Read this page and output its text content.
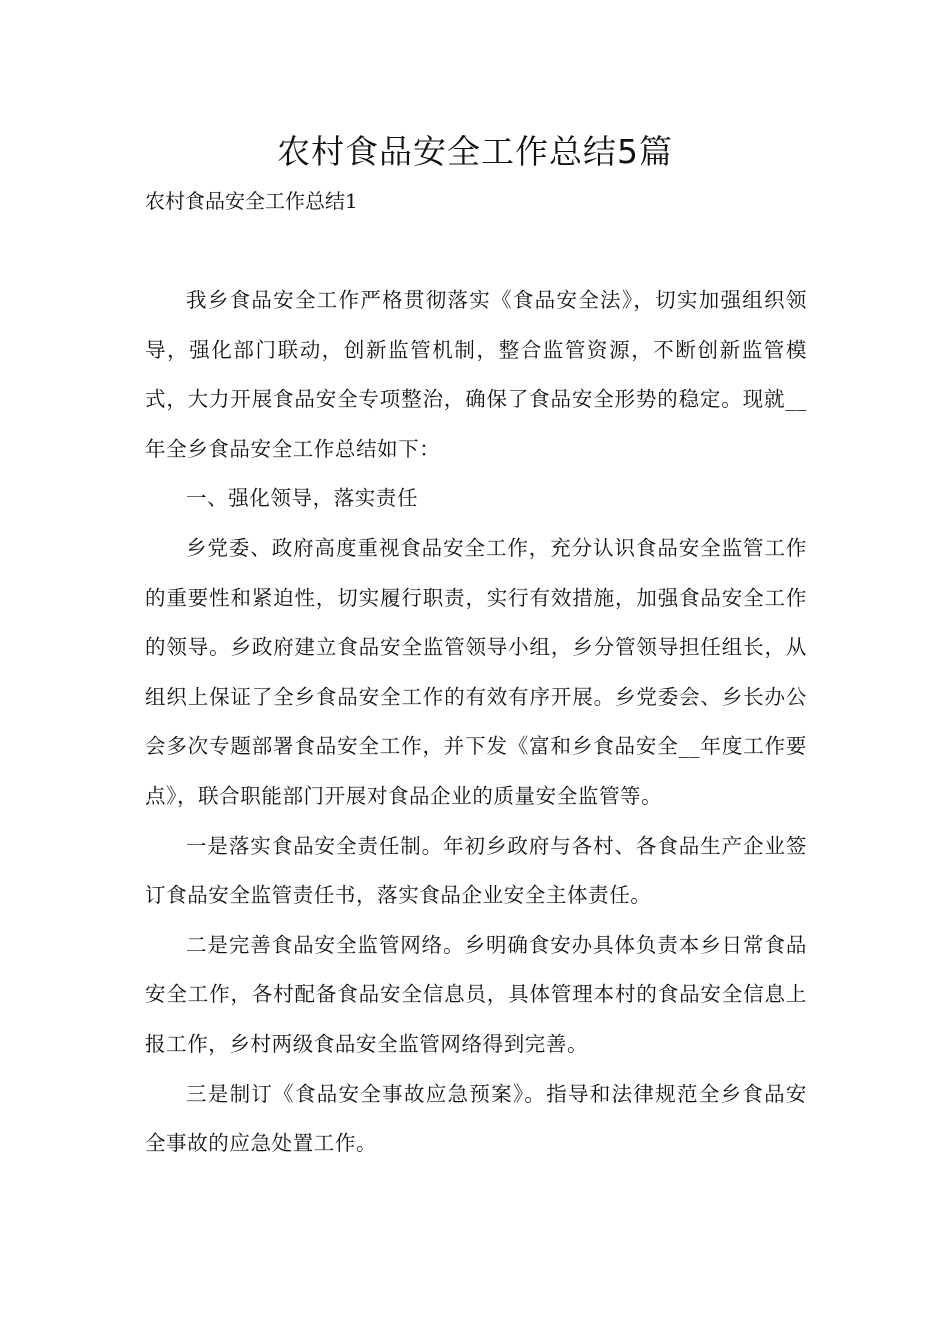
农村食品安全工作总结5篇
农村食品安全工作总结1

我乡食品安全工作严格贯彻落实《食品安全法》，切实加强组织领导，强化部门联动，创新监管机制，整合监管资源，不断创新监管模式，大力开展食品安全专项整治，确保了食品安全形势的稳定。现就__年全乡食品安全工作总结如下：

一、强化领导，落实责任

乡党委、政府高度重视食品安全工作，充分认识食品安全监管工作的重要性和紧迫性，切实履行职责，实行有效措施，加强食品安全工作的领导。乡政府建立食品安全监管领导小组，乡分管领导担任组长，从组织上保证了全乡食品安全工作的有效有序开展。乡党委会、乡长办公会多次专题部署食品安全工作，并下发《富和乡食品安全__年度工作要点》，联合职能部门开展对食品企业的质量安全监管等。

一是落实食品安全责任制。年初乡政府与各村、各食品生产企业签订食品安全监管责任书，落实食品企业安全主体责任。

二是完善食品安全监管网络。乡明确食安办具体负责本乡日常食品安全工作，各村配备食品安全信息员，具体管理本村的食品安全信息上报工作，乡村两级食品安全监管网络得到完善。

三是制订《食品安全事故应急预案》。指导和法律规范全乡食品安全事故的应急处置工作。
